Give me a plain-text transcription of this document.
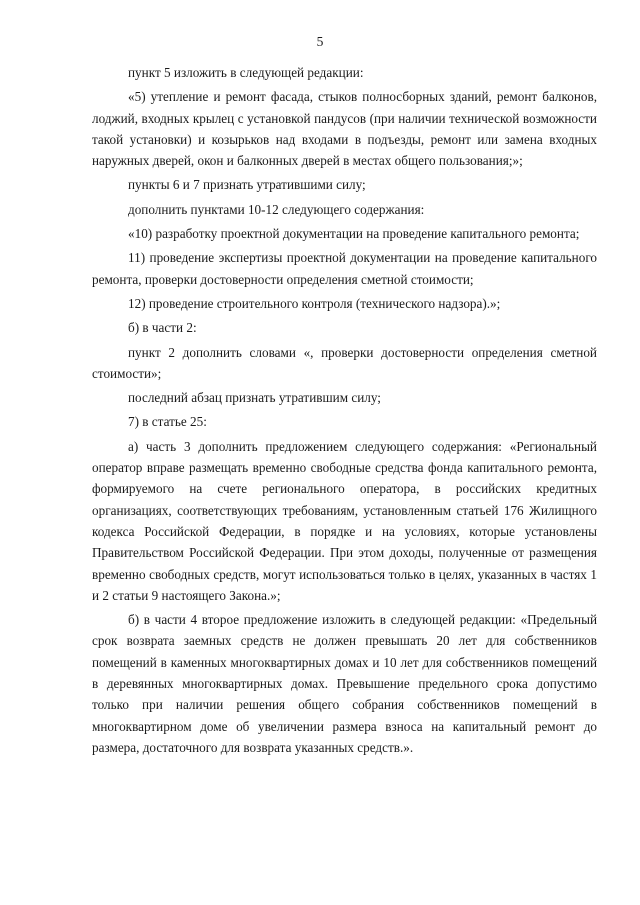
5

пункт 5 изложить в следующей редакции:

«5) утепление и ремонт фасада, стыков полносборных зданий, ремонт балконов, лоджий, входных крылец с установкой пандусов (при наличии технической возможности такой установки) и козырьков над входами в подъезды, ремонт или замена входных наружных дверей, окон и балконных дверей в местах общего пользования;»;

пункты 6 и 7 признать утратившими силу;

дополнить пунктами 10-12 следующего содержания:

«10) разработку проектной документации на проведение капитального ремонта;

11) проведение экспертизы проектной документации на проведение капитального ремонта, проверки достоверности определения сметной стоимости;

12) проведение строительного контроля (технического надзора).»;

б) в части 2:

пункт 2 дополнить словами «, проверки достоверности определения сметной стоимости»;

последний абзац признать утратившим силу;

7) в статье 25:

а) часть 3 дополнить предложением следующего содержания: «Региональный оператор вправе размещать временно свободные средства фонда капитального ремонта, формируемого на счете регионального оператора, в российских кредитных организациях, соответствующих требованиям, установленным статьей 176 Жилищного кодекса Российской Федерации, в порядке и на условиях, которые установлены Правительством Российской Федерации. При этом доходы, полученные от размещения временно свободных средств, могут использоваться только в целях, указанных в частях 1 и 2 статьи 9 настоящего Закона.»;

б) в части 4 второе предложение изложить в следующей редакции: «Предельный срок возврата заемных средств не должен превышать 20 лет для собственников помещений в каменных многоквартирных домах и 10 лет для собственников помещений в деревянных многоквартирных домах. Превышение предельного срока допустимо только при наличии решения общего собрания собственников помещений в многоквартирном доме об увеличении размера взноса на капитальный ремонт до размера, достаточного для возврата указанных средств.».
